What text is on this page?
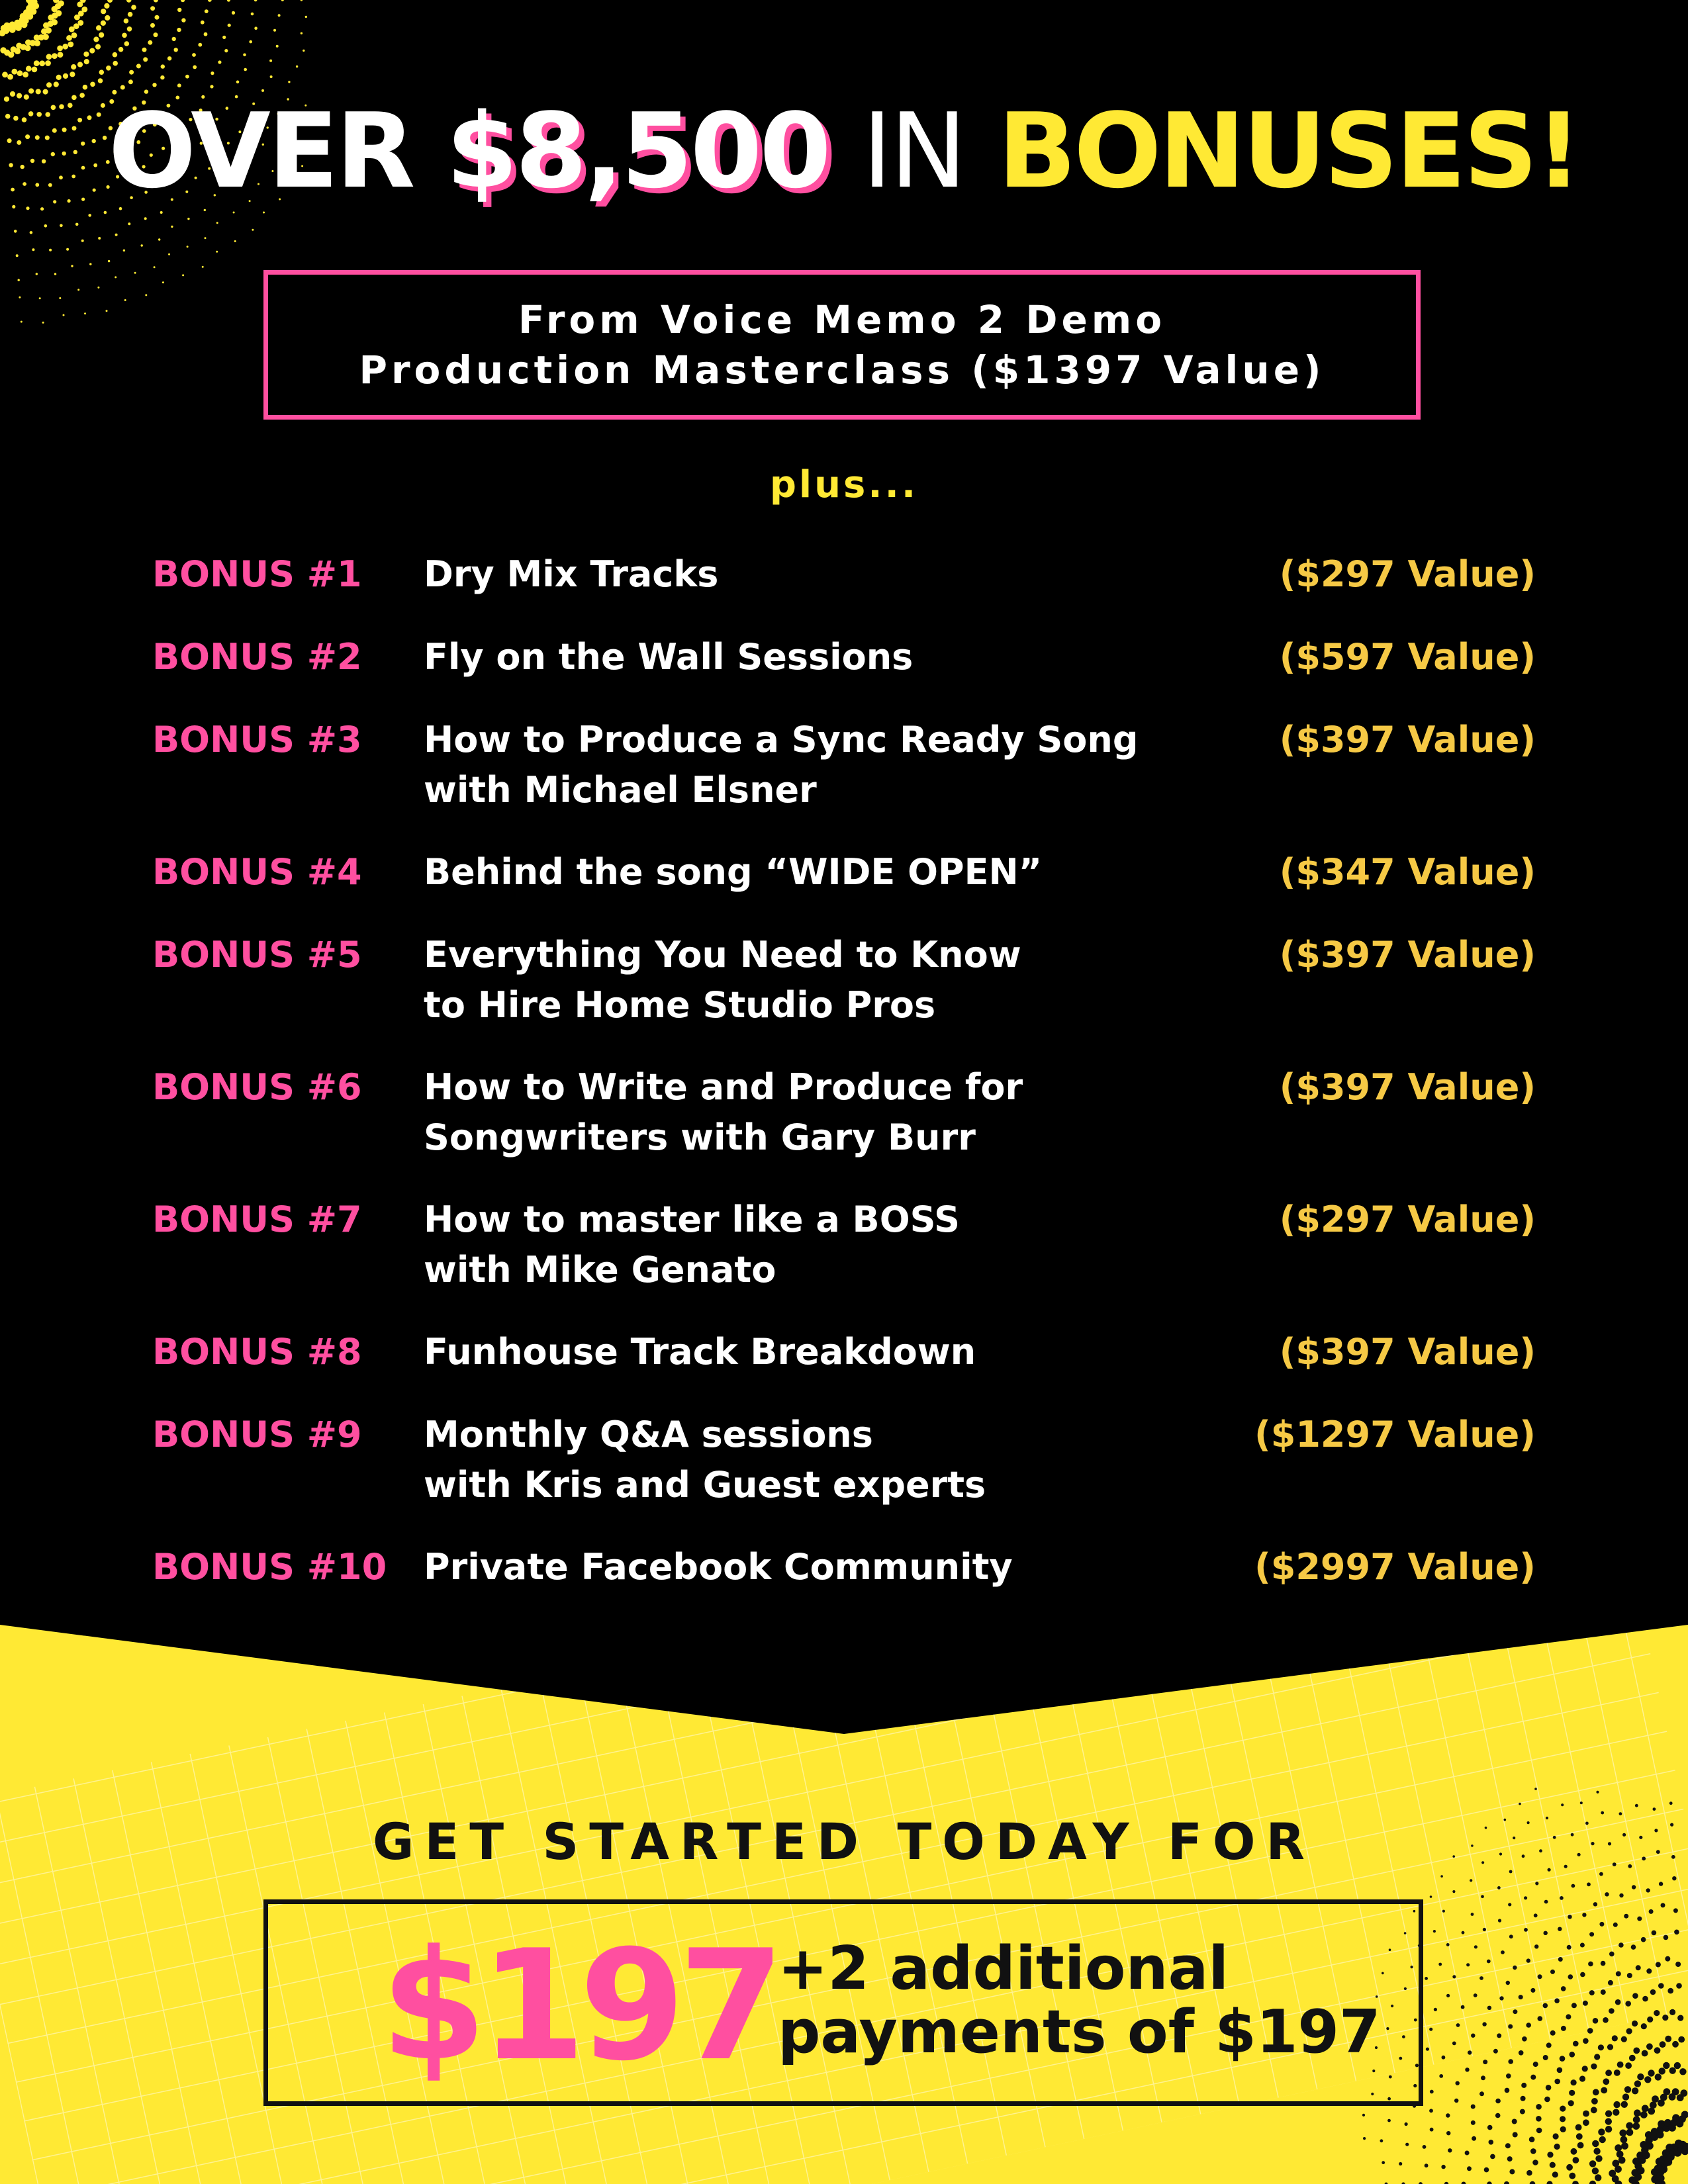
OVER $8,500 IN BONUSES!
From Voice Memo 2 Demo
Production Masterclass ($1397 Value)
plus...
BONUS #1 Dry Mix Tracks	($297 Value)
BONUS #2 Fly on the Wall Sessions	($597 Value)
BONUS #3 How to Produce a Sync Ready Song
with Michael Elsner
($397 Value)
BONUS #4 Behind the song “WIDE OPEN”	($347 Value)
BONUS #5 Everything You Need to Know
to Hire Home Studio Pros
($397 Value)
BONUS #6 How to Write and Produce for
Songwriters with Gary Burr
($397 Value)
BONUS #7 How to master like a BOSS
with Mike Genato
($297 Value)
BONUS #8 Funhouse Track Breakdown	($397 Value)
BONUS #9 Monthly Q&A sessions
with Kris and Guest experts
($1297 Value)
BONUS #10 Private Facebook Community	($2997 Value)
GET STARTED TODAY FOR
$197 +2 additional
payments of $197
